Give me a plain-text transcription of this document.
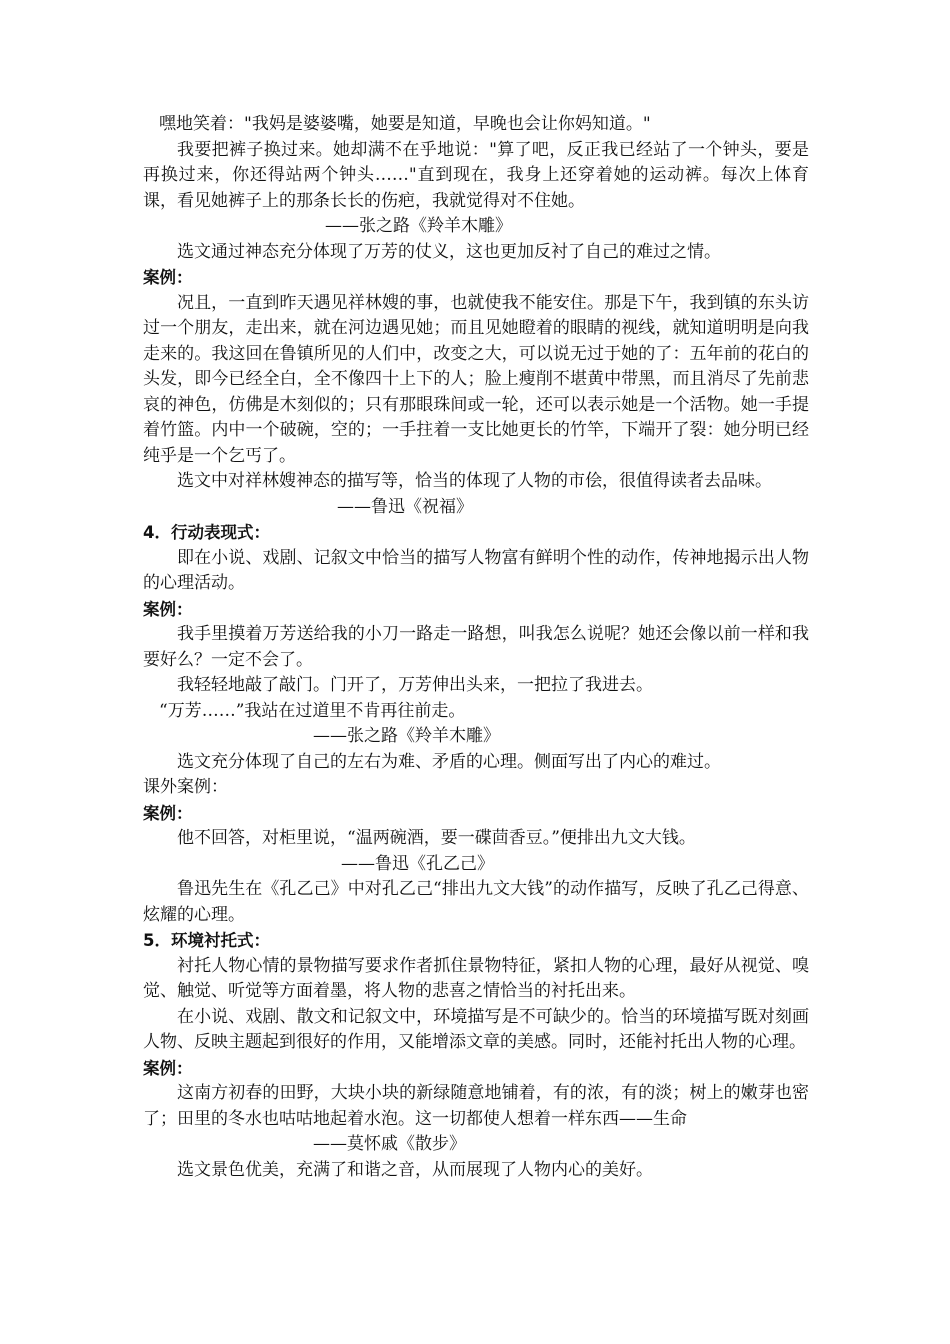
嘿地笑着："我妈是婆婆嘴，她要是知道，早晚也会让你妈知道。"

我要把裤子换过来。她却满不在乎地说："算了吧，反正我已经站了一个钟头，要是再换过来，你还得站两个钟头……"直到现在，我身上还穿着她的运动裤。每次上体育课，看见她裤子上的那条长长的伤疤，我就觉得对不住她。

——张之路《羚羊木雕》

选文通过神态充分体现了万芳的仗义，这也更加反衬了自己的难过之情。

案例：

况且，一直到昨天遇见祥林嫂的事，也就使我不能安住。那是下午，我到镇的东头访过一个朋友，走出来，就在河边遇见她；而且见她瞪着的眼睛的视线，就知道明明是向我走来的。我这回在鲁镇所见的人们中，改变之大，可以说无过于她的了：五年前的花白的头发，即今已经全白，全不像四十上下的人；脸上瘦削不堪黄中带黑，而且消尽了先前悲哀的神色，仿佛是木刻似的；只有那眼珠间或一轮，还可以表示她是一个活物。她一手提着竹篮。内中一个破碗，空的；一手拄着一支比她更长的竹竿，下端开了裂：她分明已经纯乎是一个乞丐了。

选文中对祥林嫂神态的描写等，恰当的体现了人物的市侩，很值得读者去品味。

——鲁迅《祝福》

4．行动表现式：

即在小说、戏剧、记叙文中恰当的描写人物富有鲜明个性的动作，传神地揭示出人物的心理活动。

案例：

我手里摸着万芳送给我的小刀一路走一路想，叫我怎么说呢？她还会像以前一样和我要好么？一定不会了。

我轻轻地敲了敲门。门开了，万芳伸出头来，一把拉了我进去。

“万芳……”我站在过道里不肯再往前走。

——张之路《羚羊木雕》

选文充分体现了自己的左右为难、矛盾的心理。侧面写出了内心的难过。

课外案例：

案例：

他不回答，对柜里说，“温两碗酒，要一碟茴香豆。”便排出九文大钱。

——鲁迅《孔乙己》

鲁迅先生在《孔乙己》中对孔乙己“排出九文大钱”的动作描写，反映了孔乙己得意、炫耀的心理。

5．环境衬托式：

衬托人物心情的景物描写要求作者抓住景物特征，紧扣人物的心理，最好从视觉、嗅觉、触觉、听觉等方面着墨，将人物的悲喜之情恰当的衬托出来。

在小说、戏剧、散文和记叙文中，环境描写是不可缺少的。恰当的环境描写既对刻画人物、反映主题起到很好的作用，又能增添文章的美感。同时，还能衬托出人物的心理。

案例：

这南方初春的田野，大块小块的新绿随意地铺着，有的浓，有的淡；树上的嫩芽也密了；田里的冬水也咕咕地起着水泡。这一切都使人想着一样东西——生命

——莫怀戚《散步》

选文景色优美，充满了和谐之音，从而展现了人物内心的美好。
